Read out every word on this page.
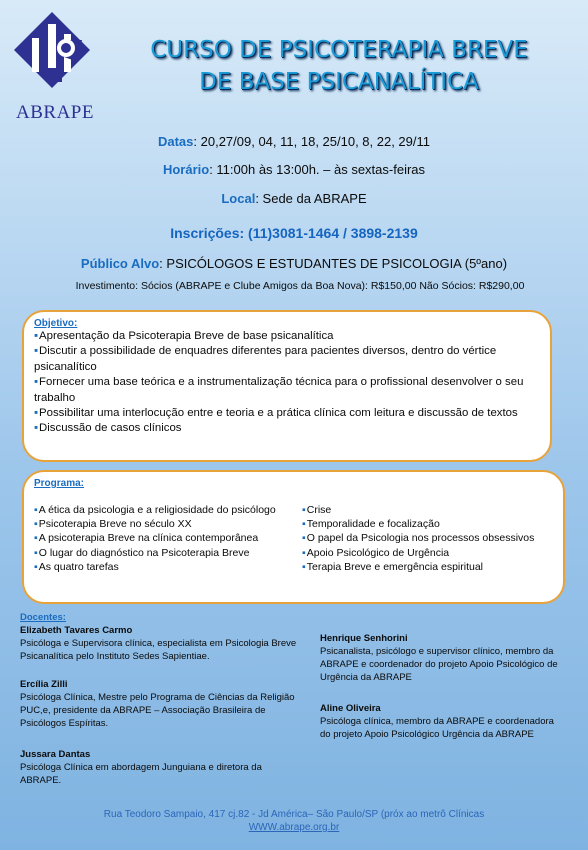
ABRAPE
CURSO DE PSICOTERAPIA BREVE
DE BASE PSICANALÍTICA
Datas: 20,27/09, 04, 11, 18, 25/10, 8, 22, 29/11
Horário: 11:00h às 13:00h. – às sextas-feiras
Local: Sede da ABRAPE
Inscrições: (11)3081-1464 / 3898-2139
Público Alvo: PSICÓLOGOS E ESTUDANTES DE PSICOLOGIA (5ºano)
Investimento: Sócios (ABRAPE e Clube Amigos da Boa Nova): R$150,00 Não Sócios: R$290,00
Objetivo:
▪ Apresentação da Psicoterapia Breve de base psicanalítica
▪ Discutir a possibilidade de enquadres diferentes para pacientes diversos, dentro do vértice psicanalítico
▪ Fornecer uma base teórica e a instrumentalização técnica para o profissional desenvolver o seu trabalho
▪ Possibilitar uma interlocução entre e teoria e a prática clínica com leitura e discussão de textos
▪ Discussão de casos clínicos
Programa:
▪ A ética da psicologia e a religiosidade do psicólogo
▪ Psicoterapia Breve no século XX
▪ A psicoterapia Breve na clínica contemporânea
▪ O lugar do diagnóstico na Psicoterapia Breve
▪ As quatro tarefas
▪ Crise
▪ Temporalidade e focalização
▪ O papel da Psicologia nos processos obsessivos
▪ Apoio Psicológico de Urgência
▪ Terapia Breve e emergência espiritual
Docentes:
Elizabeth Tavares Carmo
Psicóloga e Supervisora clínica, especialista em Psicologia Breve Psicanalítica pelo Instituto Sedes Sapientiae.
Ercília Zilli
Psicóloga Clínica, Mestre pelo Programa de Ciências da Religião PUC,e, presidente da ABRAPE – Associação Brasileira de Psicólogos Espíritas.
Jussara Dantas
Psicóloga Clínica em abordagem Junguiana e diretora da ABRAPE.
Henrique Senhorini
Psicanalista, psicólogo e supervisor clínico, membro da ABRAPE e coordenador do projeto Apoio Psicológico de Urgência da ABRAPE
Aline Oliveira
Psicóloga clínica, membro da ABRAPE e coordenadora do projeto Apoio Psicológico Urgência da ABRAPE
Rua Teodoro Sampaio, 417 cj.82 - Jd América– São Paulo/SP (próx ao metrô Clínicas
WWW.abrape.org.br
